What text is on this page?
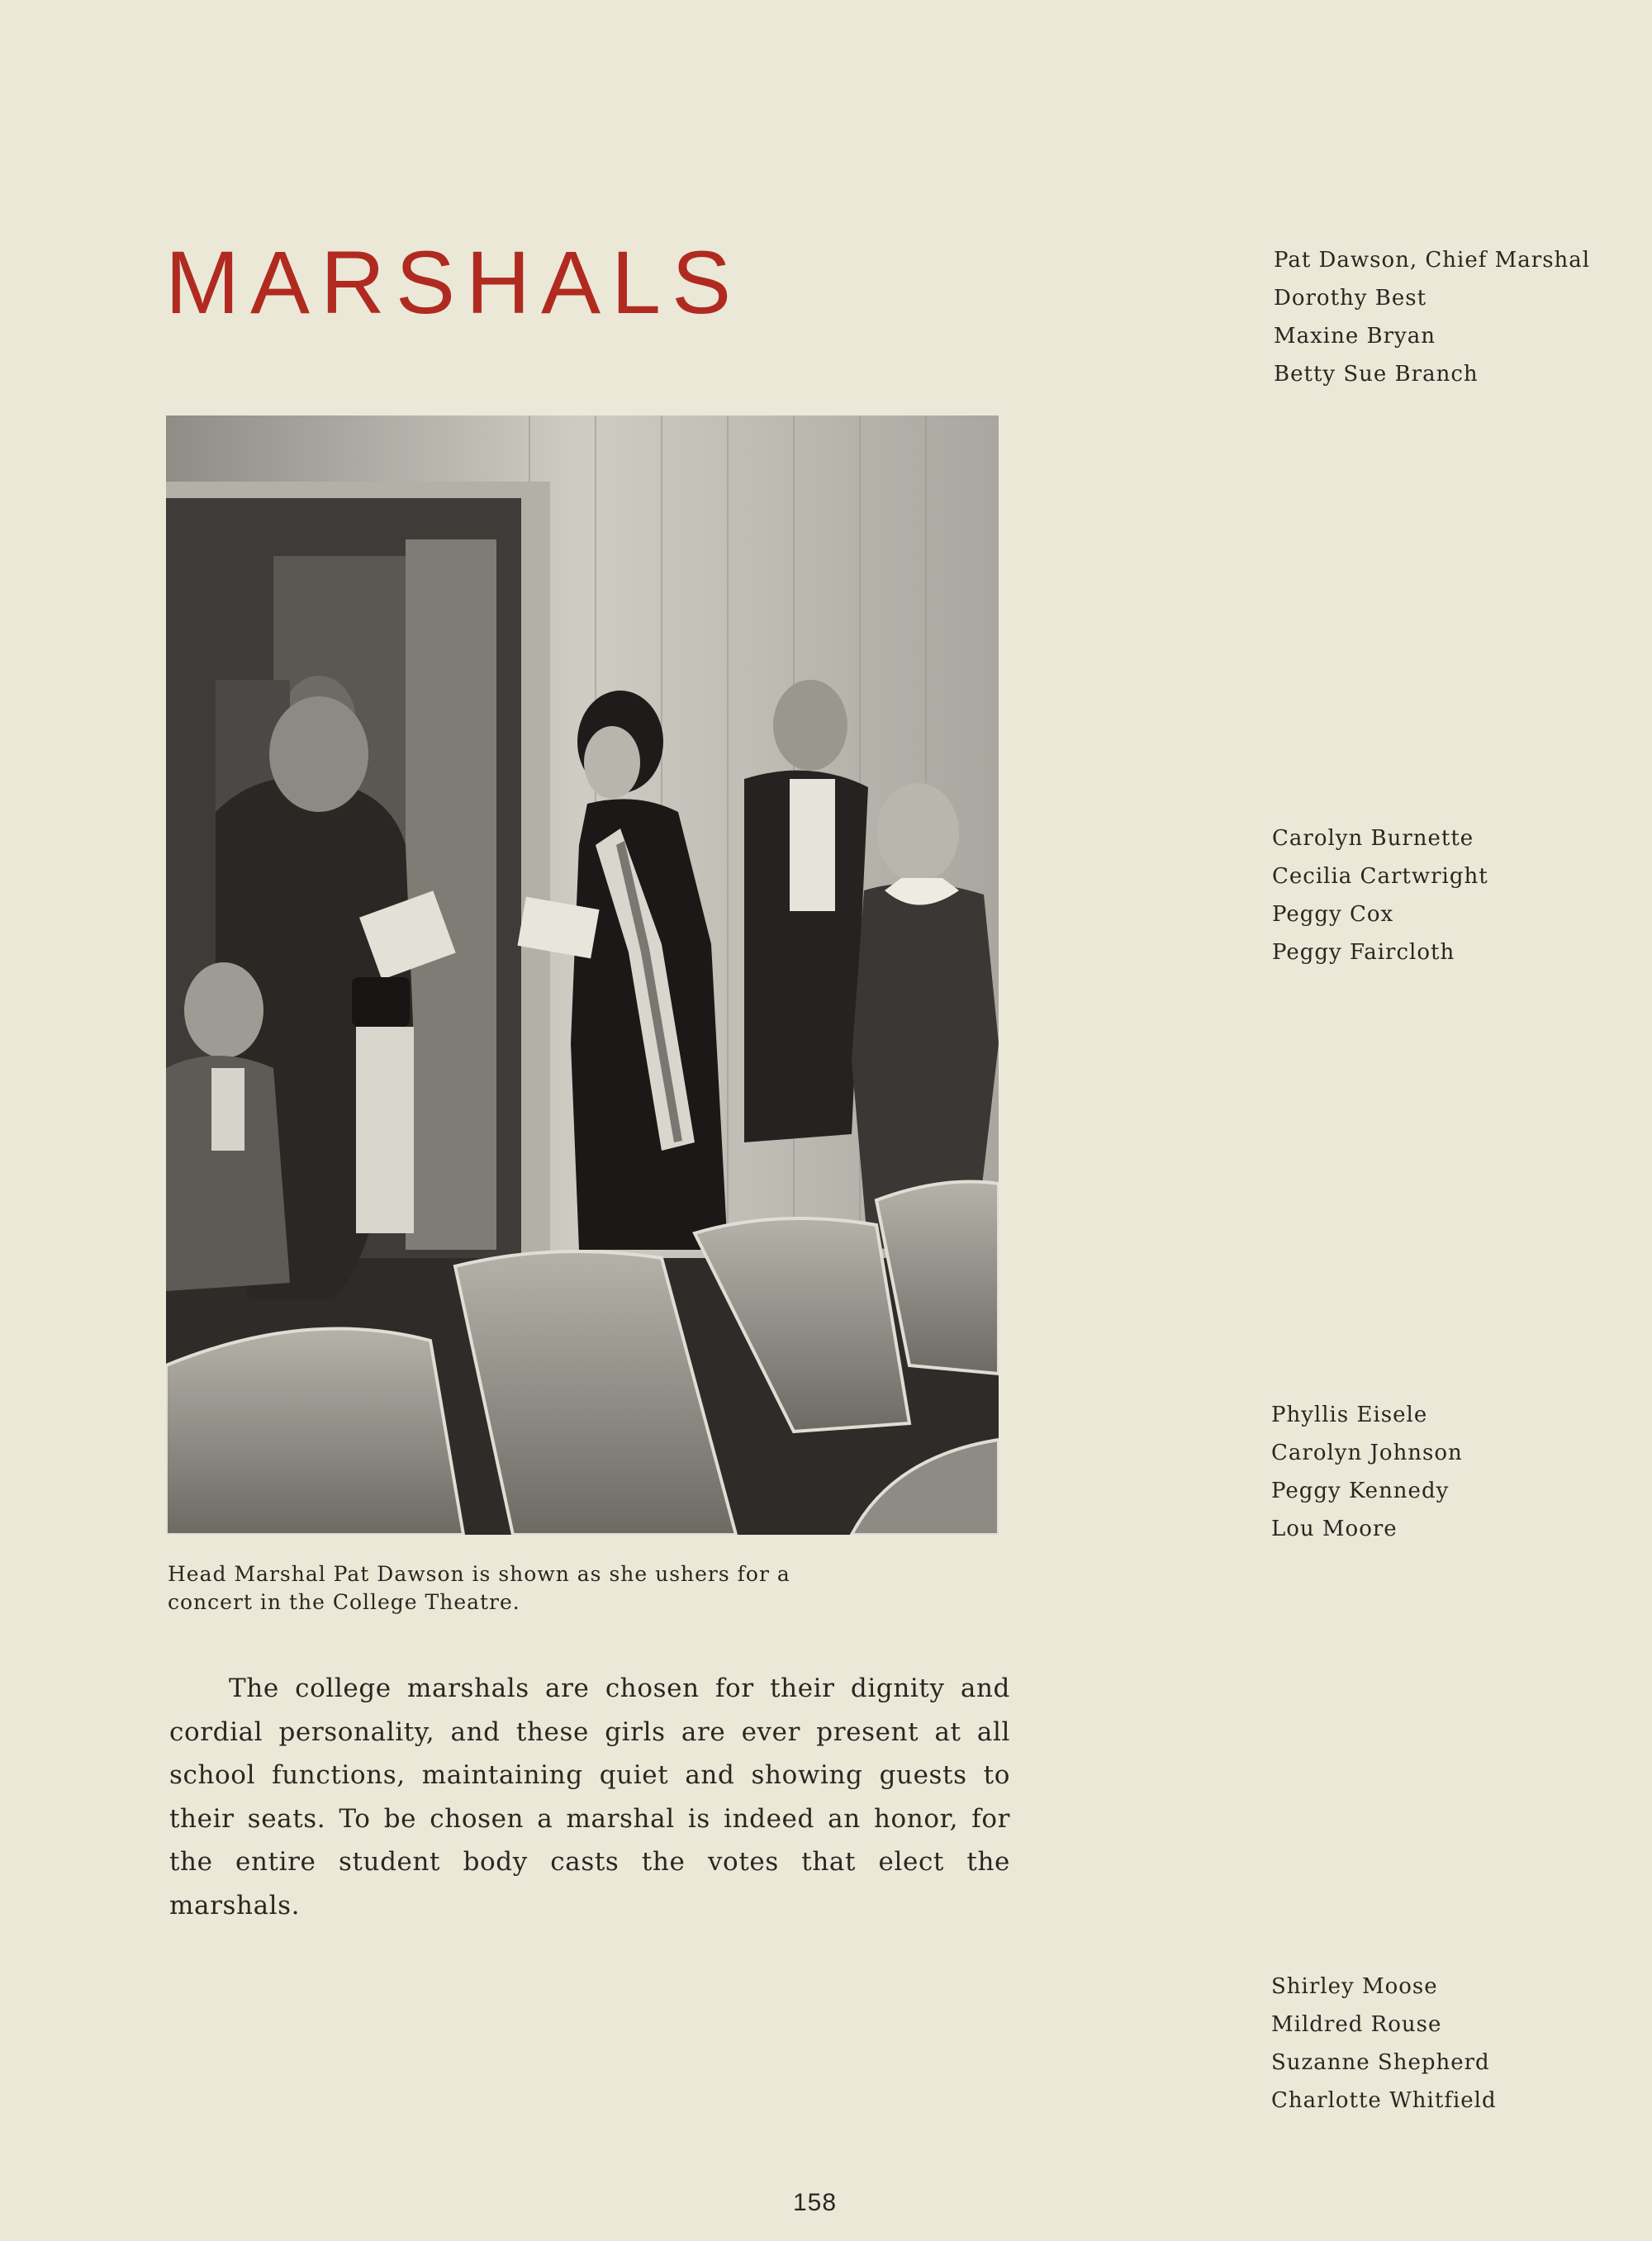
MARSHALS	Pat Dawson, Chief Marshal
Dorothy Best
Maxine Bryan
Betty Sue Branch

Head Marshal Pat Dawson is shown as she ushers for a concert in the College Theatre.

Carolyn Burnette
Cecilia Cartwright
Peggy Cox
Peggy Faircloth
Phyllis Eisele
Carolyn Johnson
Peggy Kennedy
Lou Moore

The college marshals are chosen for their dignity and cordial personality, and these girls are ever present at all school functions, maintaining quiet and showing guests to their seats. To be chosen a marshal is indeed an honor, for the entire student body casts the votes that elect the marshals.

Shirley Moose
Mildred Rouse
Suzanne Shepherd
Charlotte Whitfield
158
